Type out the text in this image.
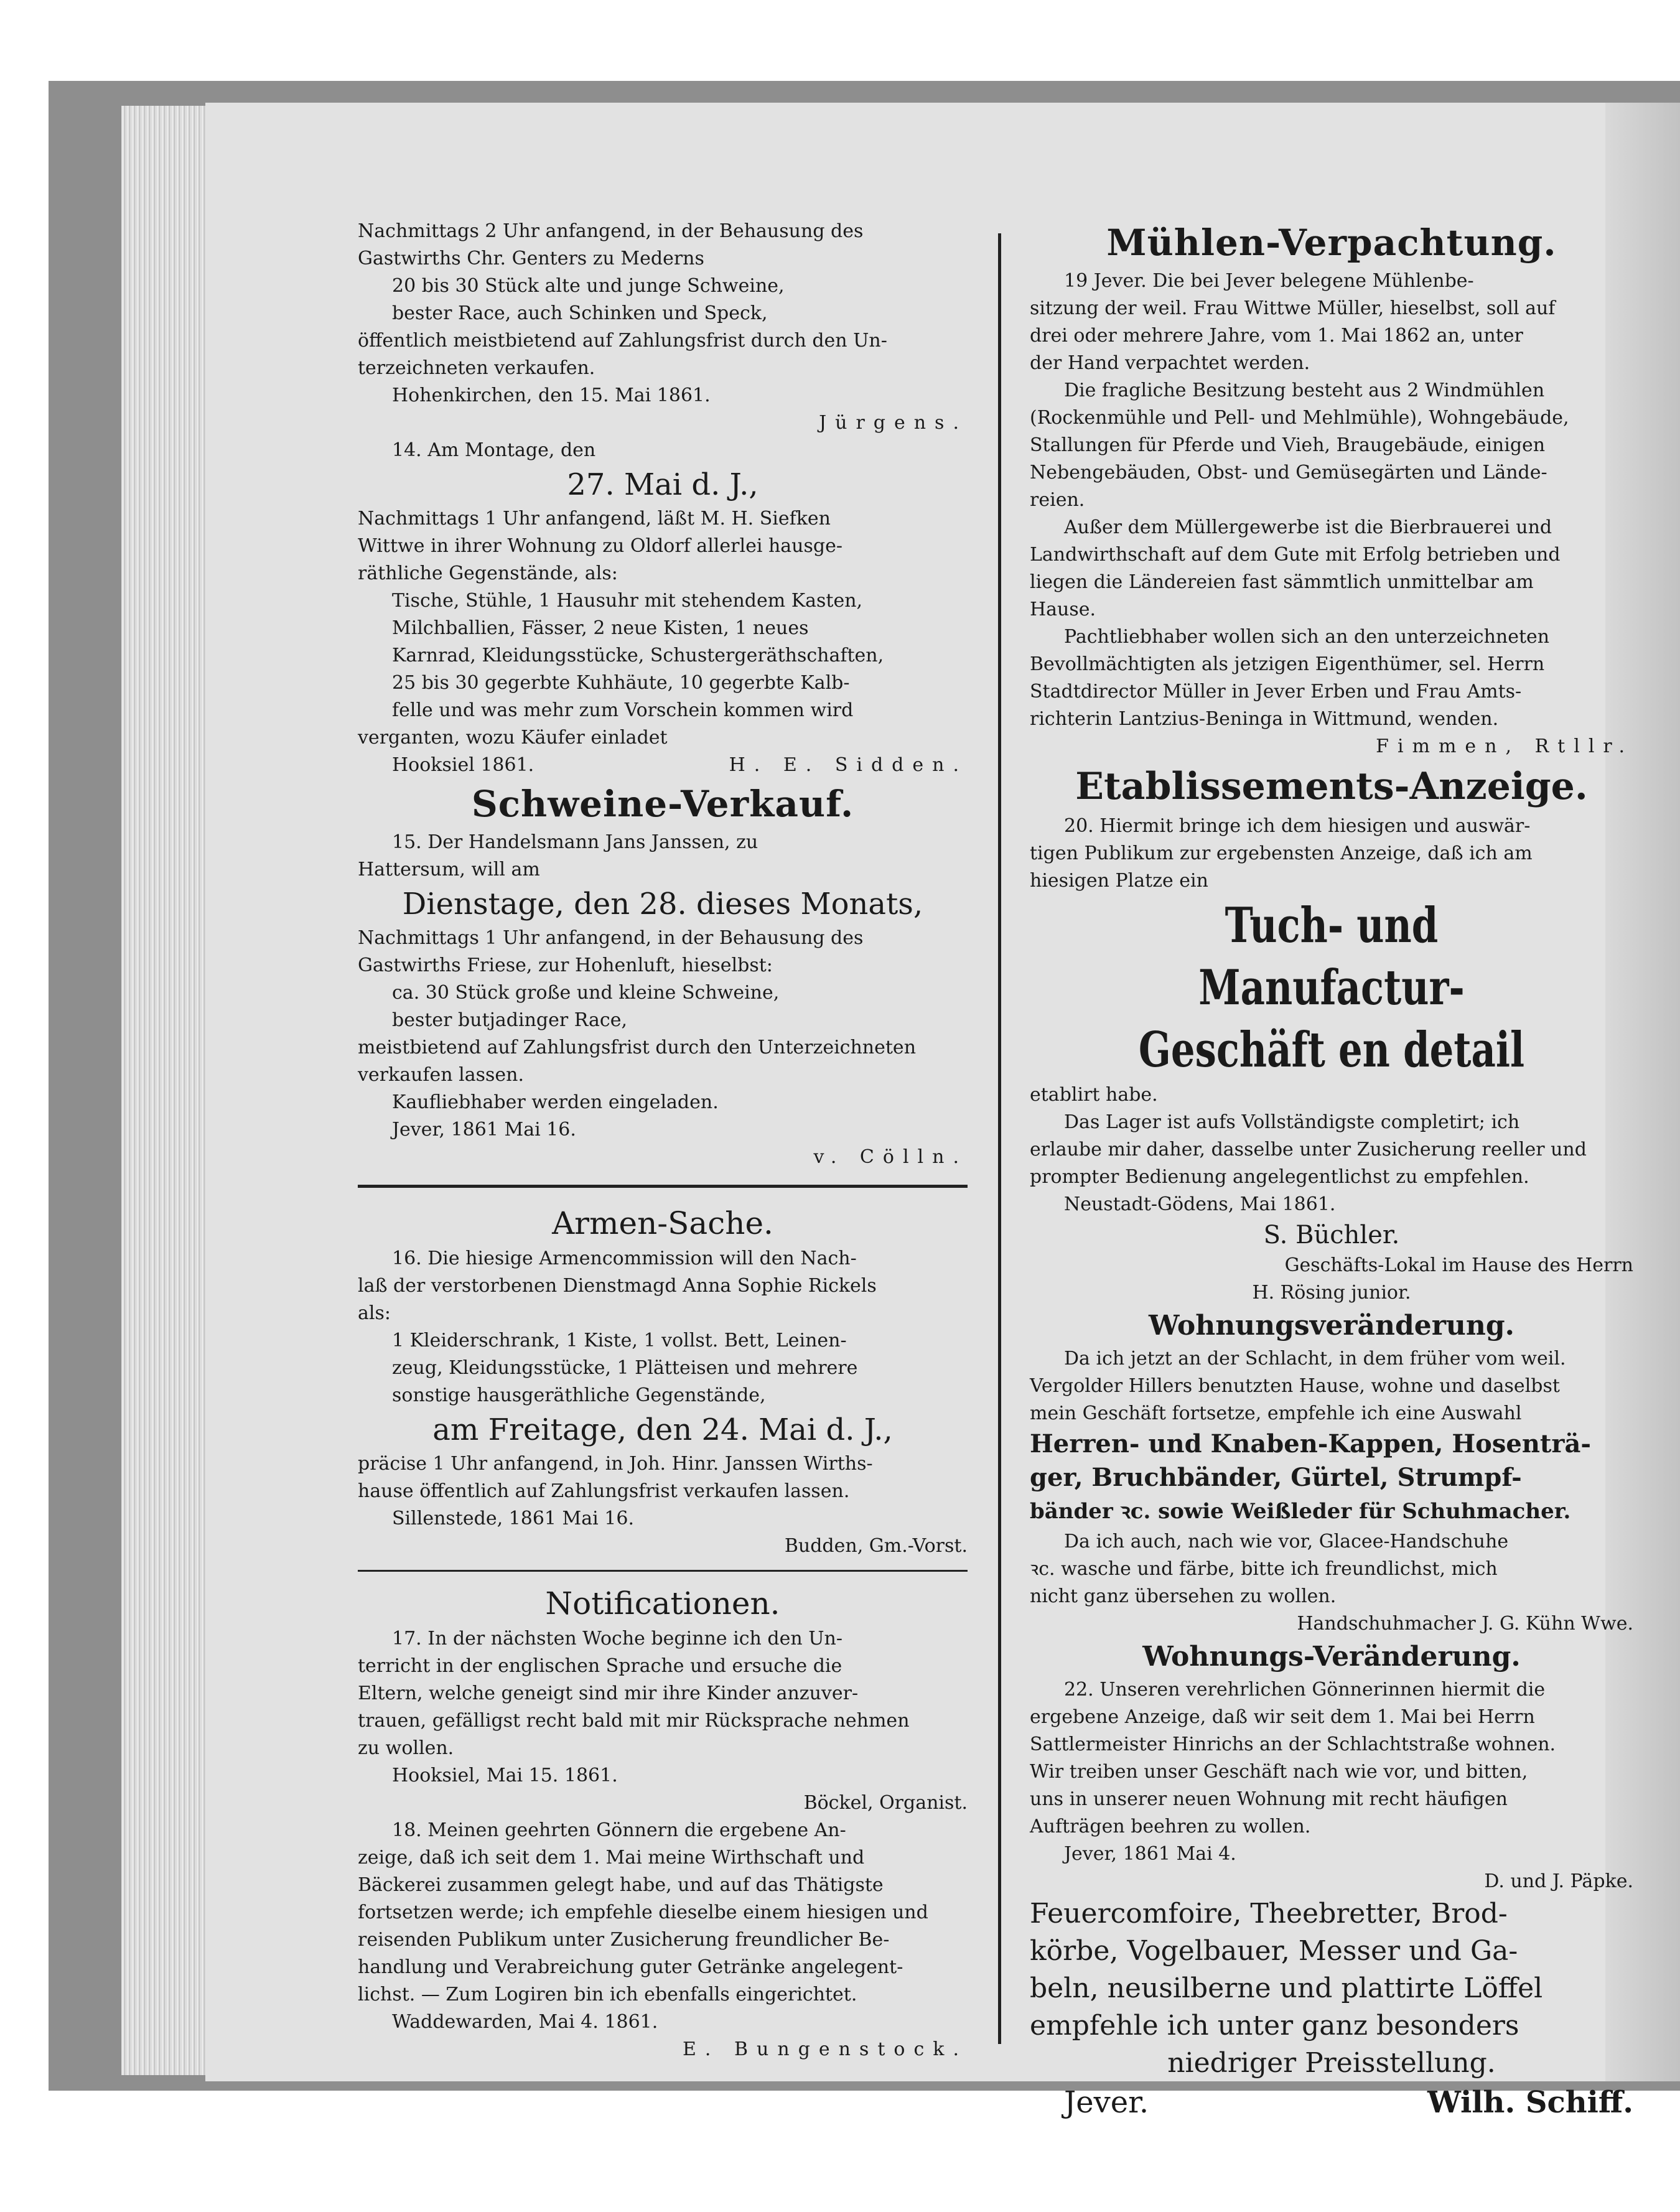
Nachmittags 2 Uhr anfangend, in der Behausung des

Gastwirths Chr. Genters zu Mederns

20 bis 30 Stück alte und junge Schweine,

bester Race, auch Schinken und Speck,

öffentlich meistbietend auf Zahlungsfrist durch den Un-

terzeichneten verkaufen.

Hohenkirchen, den 15. Mai 1861.

Jürgens.

14. Am Montage, den

27. Mai d. J.,

Nachmittags 1 Uhr anfangend, läßt M. H. Siefken

Wittwe in ihrer Wohnung zu Oldorf allerlei hausge-

räthliche Gegenstände, als:

Tische, Stühle, 1 Hausuhr mit stehendem Kasten,

Milchballien, Fässer, 2 neue Kisten, 1 neues

Karnrad, Kleidungsstücke, Schustergeräthschaften,

25 bis 30 gegerbte Kuhhäute, 10 gegerbte Kalb-

felle und was mehr zum Vorschein kommen wird

verganten, wozu Käufer einladet

Hooksiel 1861.	H. E. Sidden.

Schweine-Verkauf.

15. Der Handelsmann Jans Janssen, zu

Hattersum, will am

Dienstage, den 28. dieses Monats,

Nachmittags 1 Uhr anfangend, in der Behausung des

Gastwirths Friese, zur Hohenluft, hieselbst:

ca. 30 Stück große und kleine Schweine,

bester butjadinger Race,

meistbietend auf Zahlungsfrist durch den Unterzeichneten

verkaufen lassen.

Kaufliebhaber werden eingeladen.

Jever, 1861 Mai 16.

v. Cölln.

Armen-Sache.

16. Die hiesige Armencommission will den Nach-

laß der verstorbenen Dienstmagd Anna Sophie Rickels

als:

1 Kleiderschrank, 1 Kiste, 1 vollst. Bett, Leinen-

zeug, Kleidungsstücke, 1 Plätteisen und mehrere

sonstige hausgeräthliche Gegenstände,

am Freitage, den 24. Mai d. J.,

präcise 1 Uhr anfangend, in Joh. Hinr. Janssen Wirths-

hause öffentlich auf Zahlungsfrist verkaufen lassen.

Sillenstede, 1861 Mai 16.

Budden, Gm.-Vorst.

Notificationen.

17. In der nächsten Woche beginne ich den Un-

terricht in der englischen Sprache und ersuche die

Eltern, welche geneigt sind mir ihre Kinder anzuver-

trauen, gefälligst recht bald mit mir Rücksprache nehmen

zu wollen.

Hooksiel, Mai 15. 1861.

Böckel, Organist.

18. Meinen geehrten Gönnern die ergebene An-

zeige, daß ich seit dem 1. Mai meine Wirthschaft und

Bäckerei zusammen gelegt habe, und auf das Thätigste

fortsetzen werde; ich empfehle dieselbe einem hiesigen und

reisenden Publikum unter Zusicherung freundlicher Be-

handlung und Verabreichung guter Getränke angelegent-

lichst. — Zum Logiren bin ich ebenfalls eingerichtet.

Waddewarden, Mai 4. 1861.

E. Bungenstock.

Mühlen-Verpachtung.

19 Jever. Die bei Jever belegene Mühlenbe-

sitzung der weil. Frau Wittwe Müller, hieselbst, soll auf

drei oder mehrere Jahre, vom 1. Mai 1862 an, unter

der Hand verpachtet werden.

Die fragliche Besitzung besteht aus 2 Windmühlen

(Rockenmühle und Pell- und Mehlmühle), Wohngebäude,

Stallungen für Pferde und Vieh, Braugebäude, einigen

Nebengebäuden, Obst- und Gemüsegärten und Lände-

reien.

Außer dem Müllergewerbe ist die Bierbrauerei und

Landwirthschaft auf dem Gute mit Erfolg betrieben und

liegen die Ländereien fast sämmtlich unmittelbar am

Hause.

Pachtliebhaber wollen sich an den unterzeichneten

Bevollmächtigten als jetzigen Eigenthümer, sel. Herrn

Stadtdirector Müller in Jever Erben und Frau Amts-

richterin Lantzius-Beninga in Wittmund, wenden.

Fimmen, Rtllr.

Etablissements-Anzeige.

20. Hiermit bringe ich dem hiesigen und auswär-

tigen Publikum zur ergebensten Anzeige, daß ich am

hiesigen Platze ein

Tuch- und Manufactur-

Geschäft en detail

etablirt habe.

Das Lager ist aufs Vollständigste completirt; ich

erlaube mir daher, dasselbe unter Zusicherung reeller und

prompter Bedienung angelegentlichst zu empfehlen.

Neustadt-Gödens, Mai 1861.

S. Büchler.

Geschäfts-Lokal im Hause des Herrn

H. Rösing junior.

Wohnungsveränderung.

Da ich jetzt an der Schlacht, in dem früher vom weil.

Vergolder Hillers benutzten Hause, wohne und daselbst

mein Geschäft fortsetze, empfehle ich eine Auswahl

Herren- und Knaben-Kappen, Hosenträ-

ger, Bruchbänder, Gürtel, Strumpf-

bänder ꝛc. sowie Weißleder für Schuhmacher.

Da ich auch, nach wie vor, Glacee-Handschuhe

ꝛc. wasche und färbe, bitte ich freundlichst, mich

nicht ganz übersehen zu wollen.

Handschuhmacher J. G. Kühn Wwe.

Wohnungs-Veränderung.

22. Unseren verehrlichen Gönnerinnen hiermit die

ergebene Anzeige, daß wir seit dem 1. Mai bei Herrn

Sattlermeister Hinrichs an der Schlachtstraße wohnen.

Wir treiben unser Geschäft nach wie vor, und bitten,

uns in unserer neuen Wohnung mit recht häufigen

Aufträgen beehren zu wollen.

Jever, 1861 Mai 4.

D. und J. Päpke.

Feuercomfoire, Theebretter, Brod-

körbe, Vogelbauer, Messer und Ga-

beln, neusilberne und plattirte Löffel

empfehle ich unter ganz besonders

niedriger Preisstellung.

Jever.	Wilh. Schiff.
